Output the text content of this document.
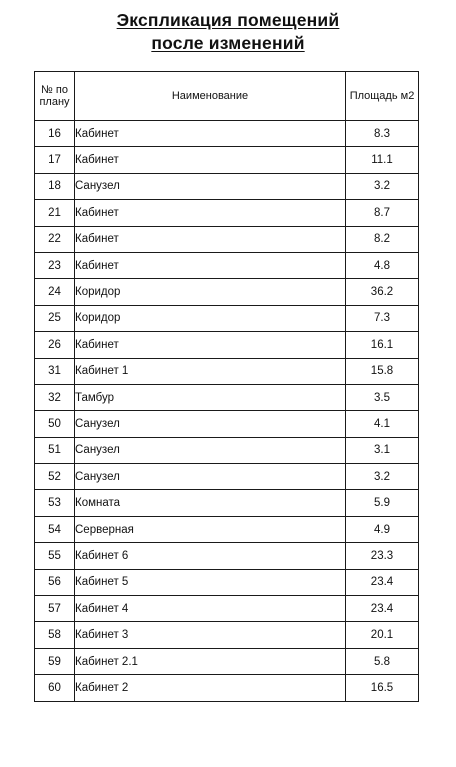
Экспликация помещений
после изменений
№ по плану	Наименование	Площадь м2
16	Кабинет	8.3
17	Кабинет	11.1
18	Санузел	3.2
21	Кабинет	8.7
22	Кабинет	8.2
23	Кабинет	4.8
24	Коридор	36.2
25	Коридор	7.3
26	Кабинет	16.1
31	Кабинет 1	15.8
32	Тамбур	3.5
50	Санузел	4.1
51	Санузел	3.1
52	Санузел	3.2
53	Комната	5.9
54	Серверная	4.9
55	Кабинет 6	23.3
56	Кабинет 5	23.4
57	Кабинет 4	23.4
58	Кабинет 3	20.1
59	Кабинет 2.1	5.8
60	Кабинет 2	16.5
